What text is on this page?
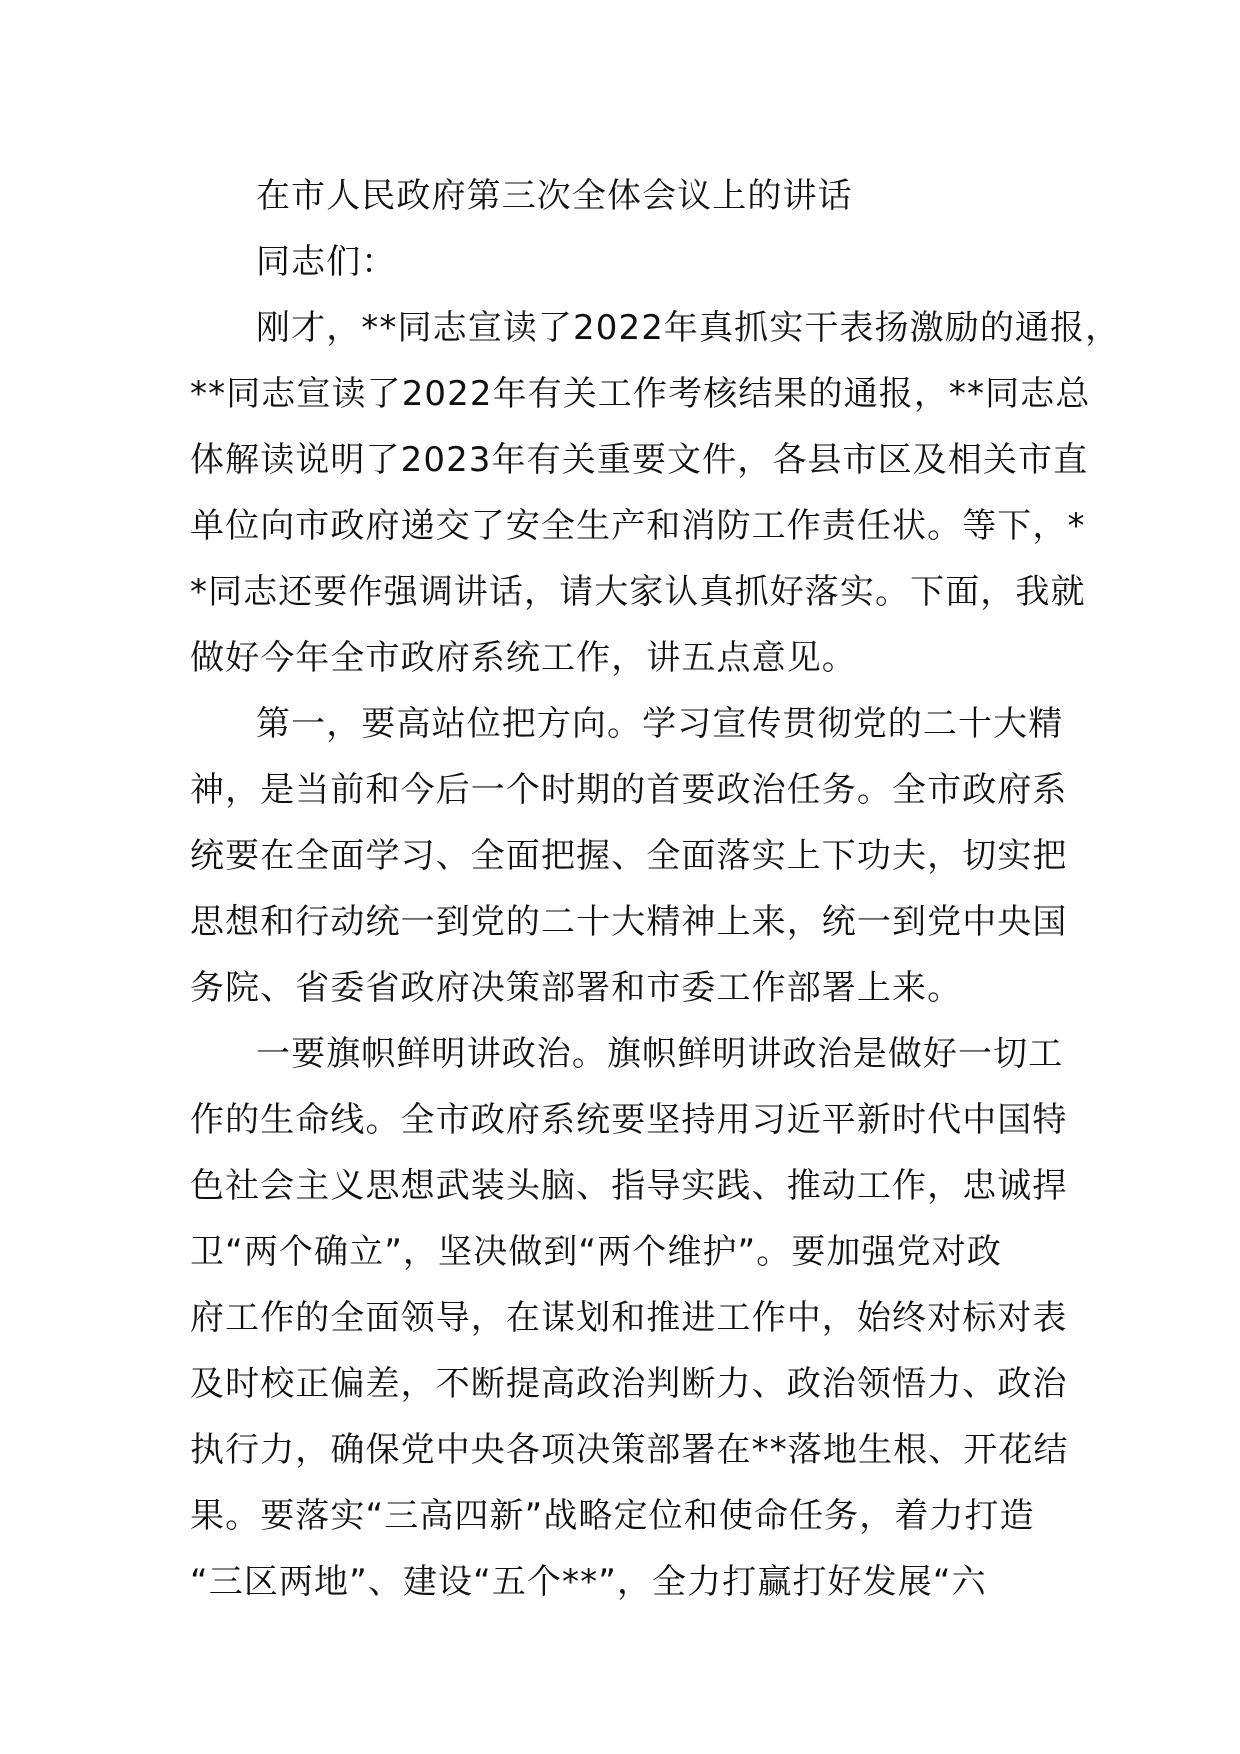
在市人民政府第三次全体会议上的讲话
同志们：
刚才，**同志宣读了2022年真抓实干表扬激励的通报，
**同志宣读了2022年有关工作考核结果的通报，**同志总
体解读说明了2023年有关重要文件，各县市区及相关市直
单位向市政府递交了安全生产和消防工作责任状。等下，*
*同志还要作强调讲话，请大家认真抓好落实。下面，我就
做好今年全市政府系统工作，讲五点意见。
第一，要高站位把方向。学习宣传贯彻党的二十大精
神，是当前和今后一个时期的首要政治任务。全市政府系
统要在全面学习、全面把握、全面落实上下功夫，切实把
思想和行动统一到党的二十大精神上来，统一到党中央国
务院、省委省政府决策部署和市委工作部署上来。
一要旗帜鲜明讲政治。旗帜鲜明讲政治是做好一切工
作的生命线。全市政府系统要坚持用习近平新时代中国特
色社会主义思想武装头脑、指导实践、推动工作，忠诚捍
卫“两个确立”，坚决做到“两个维护”。要加强党对政
府工作的全面领导，在谋划和推进工作中，始终对标对表
及时校正偏差，不断提高政治判断力、政治领悟力、政治
执行力，确保党中央各项决策部署在**落地生根、开花结
果。要落实“三高四新”战略定位和使命任务，着力打造
“三区两地”、建设“五个**”，全力打赢打好发展“六
